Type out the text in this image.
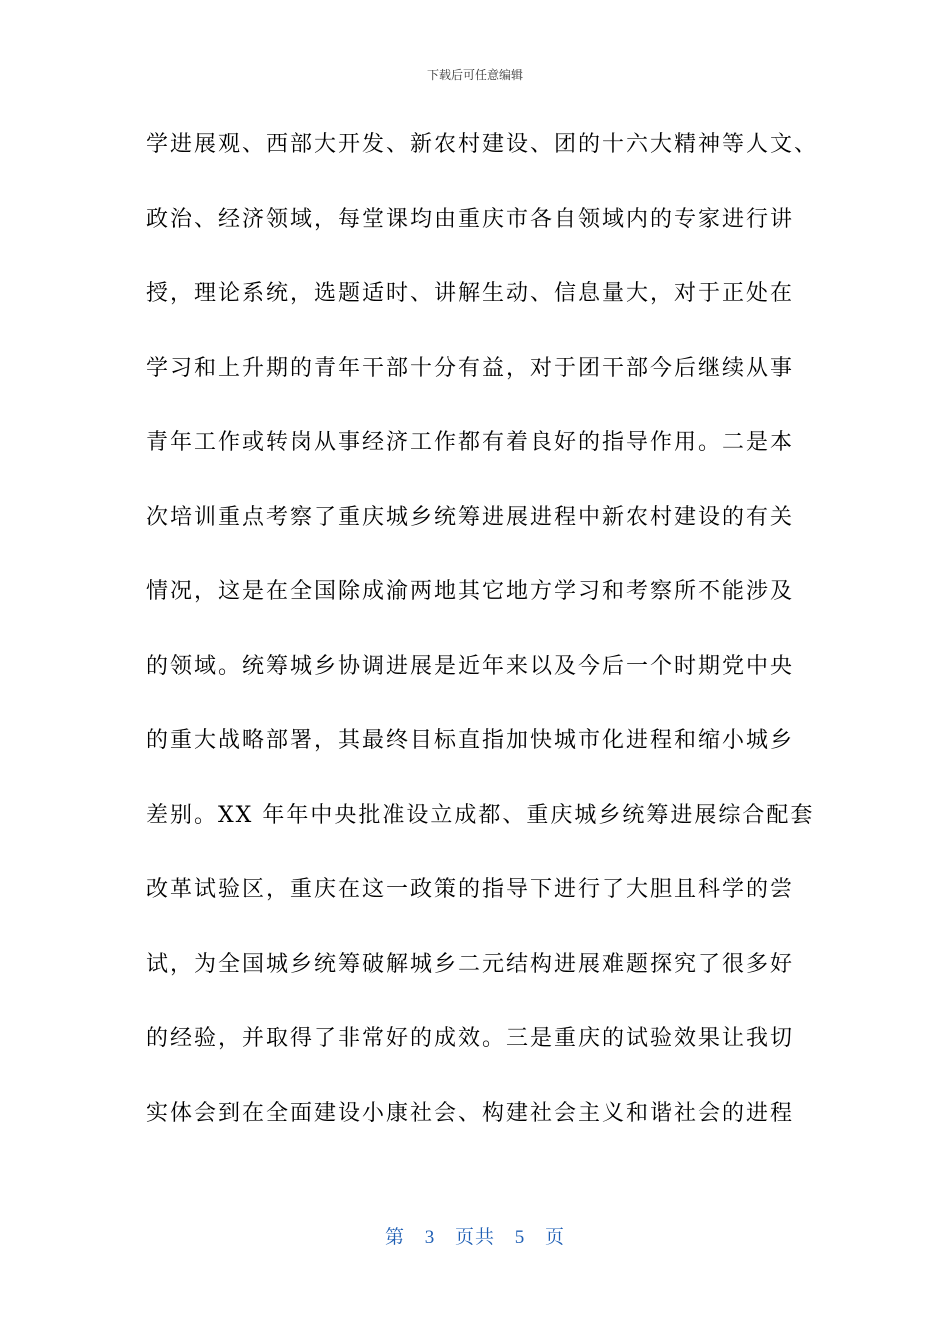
下载后可任意编辑
学进展观、西部大开发、新农村建设、团的十六大精神等人文、
政治、经济领域，每堂课均由重庆市各自领域内的专家进行讲
授，理论系统，选题适时、讲解生动、信息量大，对于正处在
学习和上升期的青年干部十分有益，对于团干部今后继续从事
青年工作或转岗从事经济工作都有着良好的指导作用。二是本
次培训重点考察了重庆城乡统筹进展进程中新农村建设的有关
情况，这是在全国除成渝两地其它地方学习和考察所不能涉及
的领域。统筹城乡协调进展是近年来以及今后一个时期党中央
的重大战略部署，其最终目标直指加快城市化进程和缩小城乡
差别。XX 年年中央批准设立成都、重庆城乡统筹进展综合配套
改革试验区，重庆在这一政策的指导下进行了大胆且科学的尝
试，为全国城乡统筹破解城乡二元结构进展难题探究了很多好
的经验，并取得了非常好的成效。三是重庆的试验效果让我切
实体会到在全面建设小康社会、构建社会主义和谐社会的进程
第 3 页共 5 页
